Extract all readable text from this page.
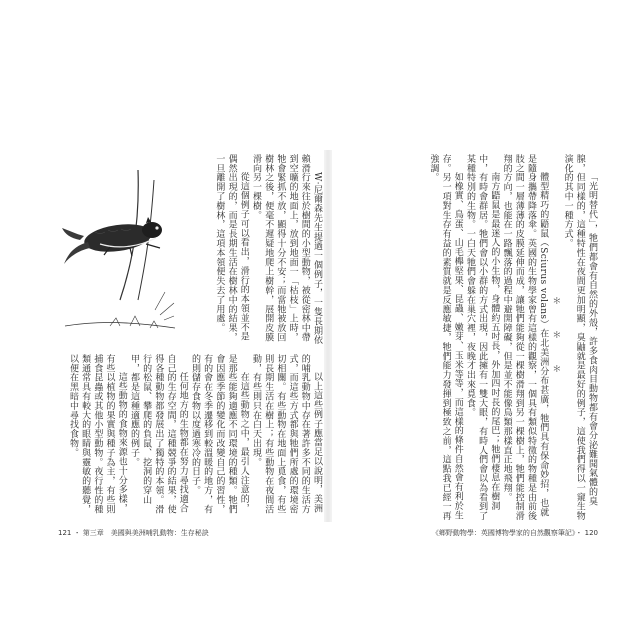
W‧尼爾森先生提過一個例子，一隻長期依賴滑行來往於樹間的小型動物，被從密林中帶到空曠的地面上，放到地面一「枯枝」上時，牠會緊抓不放，顯得十分不安；而當牠被放回樹林之後，便毫不遲疑地爬上樹幹，展開皮膜滑向另一棵樹。

從這個例子可以看出，滑行的本領並不是偶然出現的，而是長期生活在樹林中的結果，一旦離開了樹林，這項本領便失去了用處。

以上這些例子應當足以說明，美洲的哺乳動物中存在著許多不同的生活方式，而這些方式都與牠們所處的環境密切相關。有些動物在地面上覓食，有些則長期生活在樹上；有些動物在夜間活動，有些則只在白天出現。

在這些動物之中，最引人注意的，是那些能夠適應不同環境的種類。牠們會因應季節的變化而改變自己的習性，有的會在冬季遷移到較溫暖的地方，有的則儲存食物以度過寒冷的日子。

任何地方的生物都在努力尋找適合自己的生存空間，這種競爭的結果，使得各種動物都發展出了獨特的本領。滑行的松鼠、攀爬的負鼠、挖洞的穿山甲，都是這種適應的例子。

這些動物的食物來源也十分多樣，有些以植物的果實與種子為主，有些則捕食昆蟲或其他小型動物。夜行性的種類通常具有較大的眼睛與靈敏的聽覺，以便在黑暗中尋找食物。

121 ・ 第三章　美國與美洲哺乳動物：生存秘訣

「光明替代」，牠們都會有自然的外殼，許多食肉目動物都有會分泌難聞氣體的臭腺，但同樣的，這種特性在夜間更加明顯，臭鼬就是最好的例子，這使我們得以一窺生物演化的其中一種方式。

＊　＊　＊

體型精巧的鼯鼠（Sciurus volans）在北美洲分布甚廣，牠們具有保命妙招，也就是隨身攜帶降落傘。英國的生物學家曾有這樣的觀察，一個具有類似特徵的物種是由前後肢之間一層薄薄的皮膜延伸而成，讓牠們能夠從一棵樹滑翔到另一棵樹上，牠們能控制滑翔的方向，也能在一路飄落的過程中避開障礙，但是並不能像鳥類那樣直正地飛翔。

南方鼯鼠是最迷人的小生物，身體約五吋長，外加四吋長的尾巴；牠們棲息在樹洞中，有時會群居。牠們會以小群的方式出現，因此擁有一雙大眼，有時人們會以為看到了某種特別的生物。一白天牠們會躲在巢穴裡，夜晚才出來覓食。

如橡實、鳥蛋、山毛櫸堅果、昆蟲、嫩芽、玉米等等，而這樣的條件自然會有利於生存。另一項對生存有益的素質就是反應敏捷，牠們能力發揮到極致之前，這點我已經一再強調。

《鄉野動物學：英國博物學家的自然觀察筆記》・ 120
